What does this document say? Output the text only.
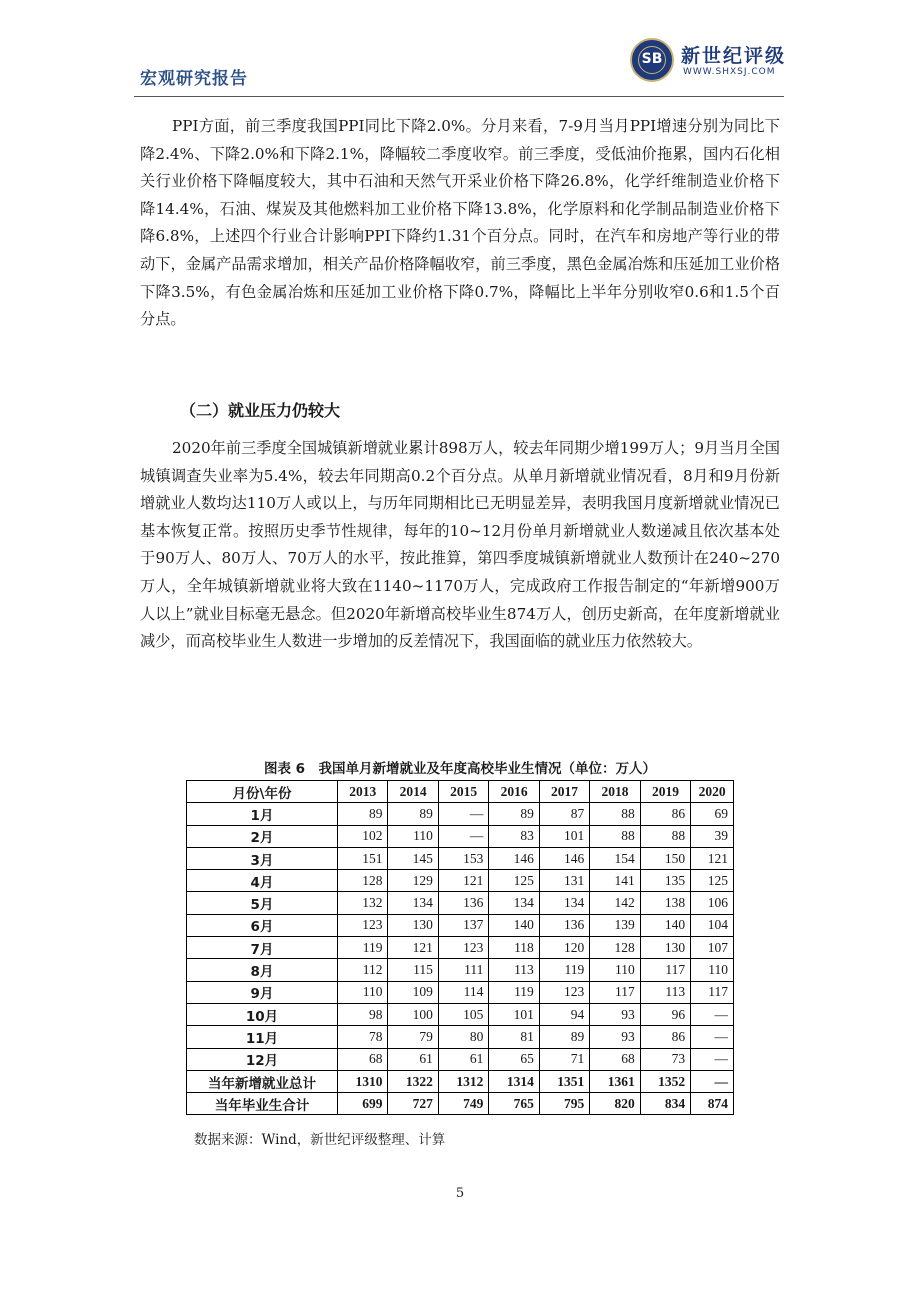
宏观研究报告
SB 新世纪评级
WWW.SHXSJ.COM

PPI方面，前三季度我国PPI同比下降2.0%。分月来看，7-9月当月PPI增速分别为同比下降2.4%、下降2.0%和下降2.1%，降幅较二季度收窄。前三季度，受低油价拖累，国内石化相关行业价格下降幅度较大，其中石油和天然气开采业价格下降26.8%，化学纤维制造业价格下降14.4%，石油、煤炭及其他燃料加工业价格下降13.8%，化学原料和化学制品制造业价格下降6.8%，上述四个行业合计影响PPI下降约1.31个百分点。同时，在汽车和房地产等行业的带动下，金属产品需求增加，相关产品价格降幅收窄，前三季度，黑色金属冶炼和压延加工业价格下降3.5%，有色金属冶炼和压延加工业价格下降0.7%，降幅比上半年分别收窄0.6和1.5个百分点。

（二）就业压力仍较大

2020年前三季度全国城镇新增就业累计898万人，较去年同期少增199万人；9月当月全国城镇调查失业率为5.4%，较去年同期高0.2个百分点。从单月新增就业情况看，8月和9月份新增就业人数均达110万人或以上，与历年同期相比已无明显差异，表明我国月度新增就业情况已基本恢复正常。按照历史季节性规律，每年的10~12月份单月新增就业人数递减且依次基本处于90万人、80万人、70万人的水平，按此推算，第四季度城镇新增就业人数预计在240~270万人，全年城镇新增就业将大致在1140~1170万人，完成政府工作报告制定的“年新增900万人以上”就业目标毫无悬念。但2020年新增高校毕业生874万人，创历史新高，在年度新增就业减少，而高校毕业生人数进一步增加的反差情况下，我国面临的就业压力依然较大。

图表 6　我国单月新增就业及年度高校毕业生情况（单位：万人）
月份\年份	2013	2014	2015	2016	2017	2018	2019	2020
1月	89	89	—	89	87	88	86	69
2月	102	110	—	83	101	88	88	39
3月	151	145	153	146	146	154	150	121
4月	128	129	121	125	131	141	135	125
5月	132	134	136	134	134	142	138	106
6月	123	130	137	140	136	139	140	104
7月	119	121	123	118	120	128	130	107
8月	112	115	111	113	119	110	117	110
9月	110	109	114	119	123	117	113	117
10月	98	100	105	101	94	93	96	—
11月	78	79	80	81	89	93	86	—
12月	68	61	61	65	71	68	73	—
当年新增就业总计	1310	1322	1312	1314	1351	1361	1352	—
当年毕业生合计	699	727	749	765	795	820	834	874
数据来源：Wind，新世纪评级整理、计算
5
